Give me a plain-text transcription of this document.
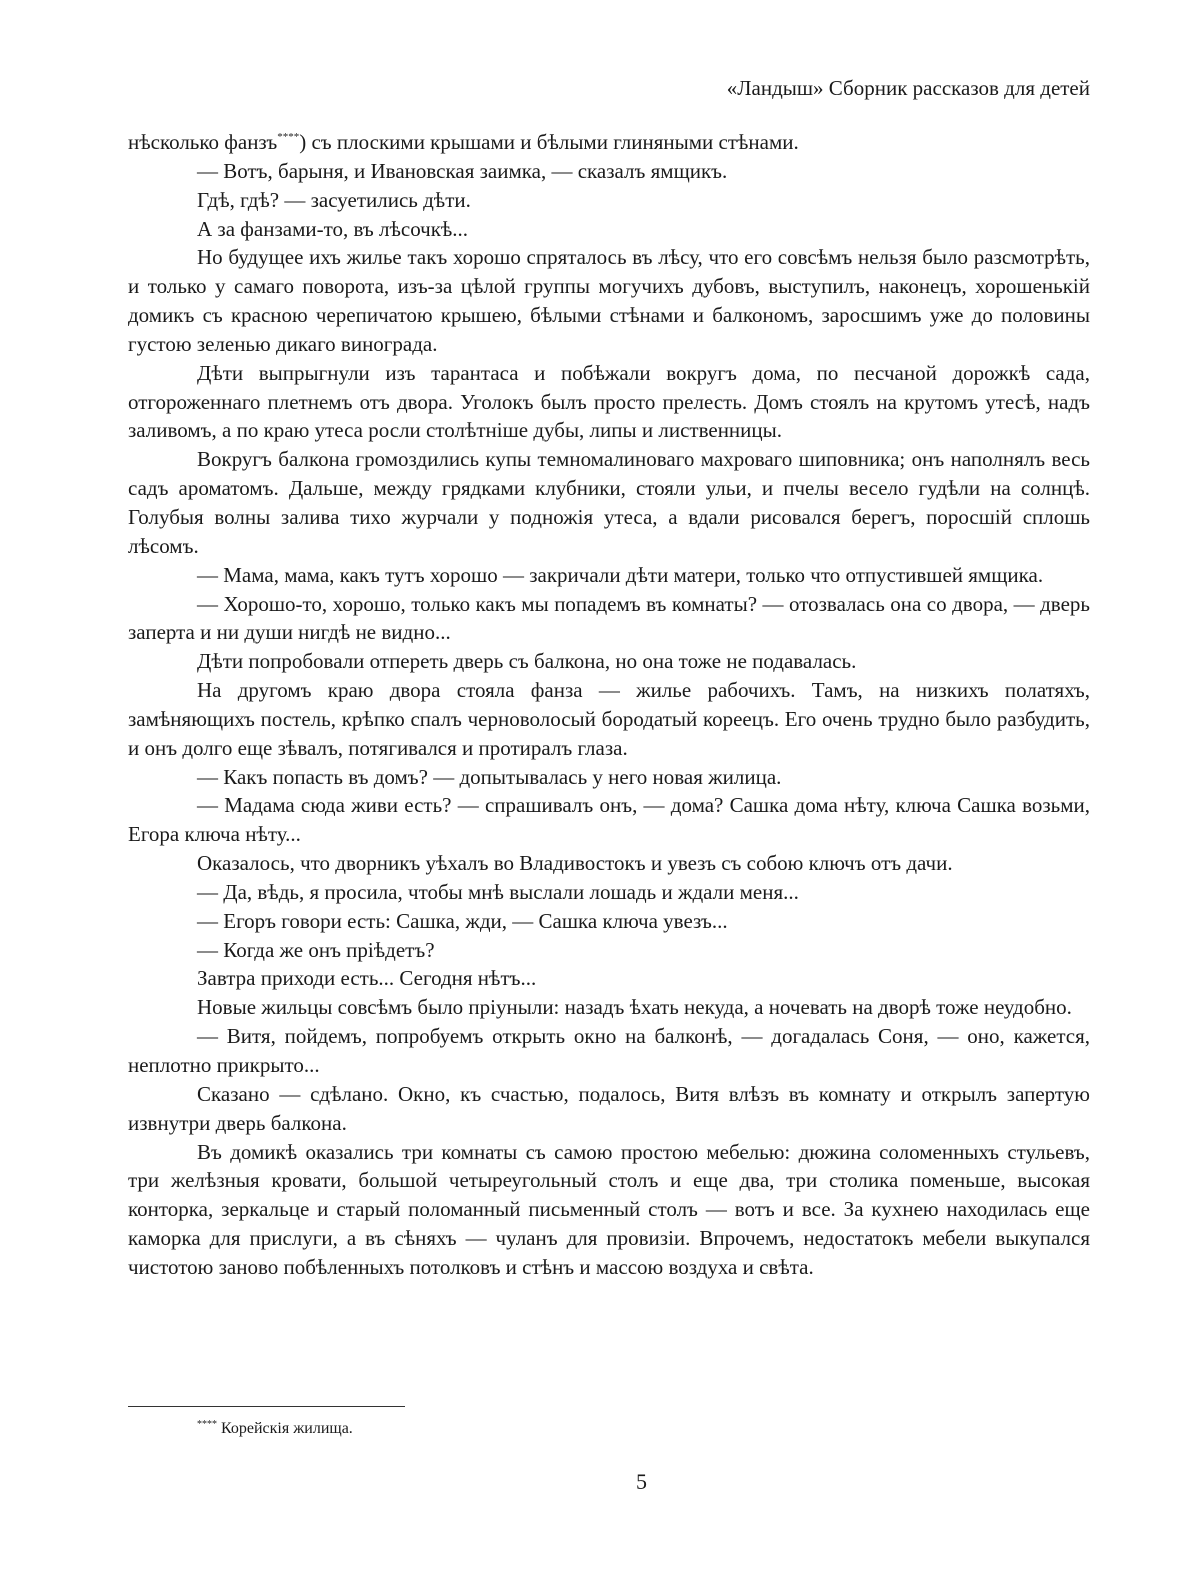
«Ландыш» Сборник рассказов для детей

нѣсколько фанзъ****) съ плоскими крышами и бѣлыми глиняными стѣнами.

— Вотъ, барыня, и Ивановская заимка, — сказалъ ямщикъ.

Гдѣ, гдѣ? — засуетились дѣти.

А за фанзами-то, въ лѣсочкѣ...

Но будущее ихъ жилье такъ хорошо спряталось въ лѣсу, что его совсѣмъ нельзя было разсмотрѣть, и только у самаго поворота, изъ-за цѣлой группы могучихъ дубовъ, выступилъ, наконецъ, хорошенькій домикъ съ красною черепичатою крышею, бѣлыми стѣнами и балкономъ, заросшимъ уже до половины густою зеленью дикаго винограда.

Дѣти выпрыгнули изъ тарантаса и побѣжали вокругъ дома, по песчаной дорожкѣ сада, отгороженнаго плетнемъ отъ двора. Уголокъ былъ просто прелесть. Домъ стоялъ на крутомъ утесѣ, надъ заливомъ, а по краю утеса росли столѣтніше дубы, липы и лиственницы.

Вокругъ балкона громоздились купы темномалиноваго махроваго шиповника; онъ наполнялъ весь садъ ароматомъ. Дальше, между грядками клубники, стояли ульи, и пчелы весело гудѣли на солнцѣ. Голубыя волны залива тихо журчали у подножія утеса, а вдали рисовался берегъ, поросшій сплошь лѣсомъ.

— Мама, мама, какъ тутъ хорошо — закричали дѣти матери, только что отпустившей ямщика.

— Хорошо-то, хорошо, только какъ мы попадемъ въ комнаты? — отозвалась она со двора, — дверь заперта и ни души нигдѣ не видно...

Дѣти попробовали отпереть дверь съ балкона, но она тоже не подавалась.

На другомъ краю двора стояла фанза — жилье рабочихъ. Тамъ, на низкихъ полатяхъ, замѣняющихъ постель, крѣпко спалъ черноволосый бородатый кореецъ. Его очень трудно было разбудить, и онъ долго еще зѣвалъ, потягивался и протиралъ глаза.

— Какъ попасть въ домъ? — допытывалась у него новая жилица.

— Мадама сюда живи есть? — спрашивалъ онъ, — дома? Сашка дома нѣту, ключа Сашка возьми, Егора ключа нѣту...

Оказалось, что дворникъ уѣхалъ во Владивостокъ и увезъ съ собою ключъ отъ дачи.

— Да, вѣдь, я просила, чтобы мнѣ выслали лошадь и ждали меня...

— Егоръ говори есть: Сашка, жди, — Сашка ключа увезъ...

— Когда же онъ пріѣдетъ?

Завтра приходи есть... Сегодня нѣтъ...

Новые жильцы совсѣмъ было пріуныли: назадъ ѣхать некуда, а ночевать на дворѣ тоже неудобно.

— Витя, пойдемъ, попробуемъ открыть окно на балконѣ, — догадалась Соня, — оно, кажется, неплотно прикрыто...

Сказано — сдѣлано. Окно, къ счастью, подалось, Витя влѣзъ въ комнату и открылъ запертую извнутри дверь балкона.

Въ домикѣ оказались три комнаты съ самою простою мебелью: дюжина соломенныхъ стульевъ, три желѣзныя кровати, большой четыреугольный столъ и еще два, три столика поменьше, высокая конторка, зеркальце и старый поломанный письменный столъ — вотъ и все. За кухнею находилась еще каморка для прислуги, а въ сѣняхъ — чуланъ для провизіи. Впрочемъ, недостатокъ мебели выкупался чистотою заново побѣленныхъ потолковъ и стѣнъ и массою воздуха и свѣта.

**** Корейскія жилища.
5
